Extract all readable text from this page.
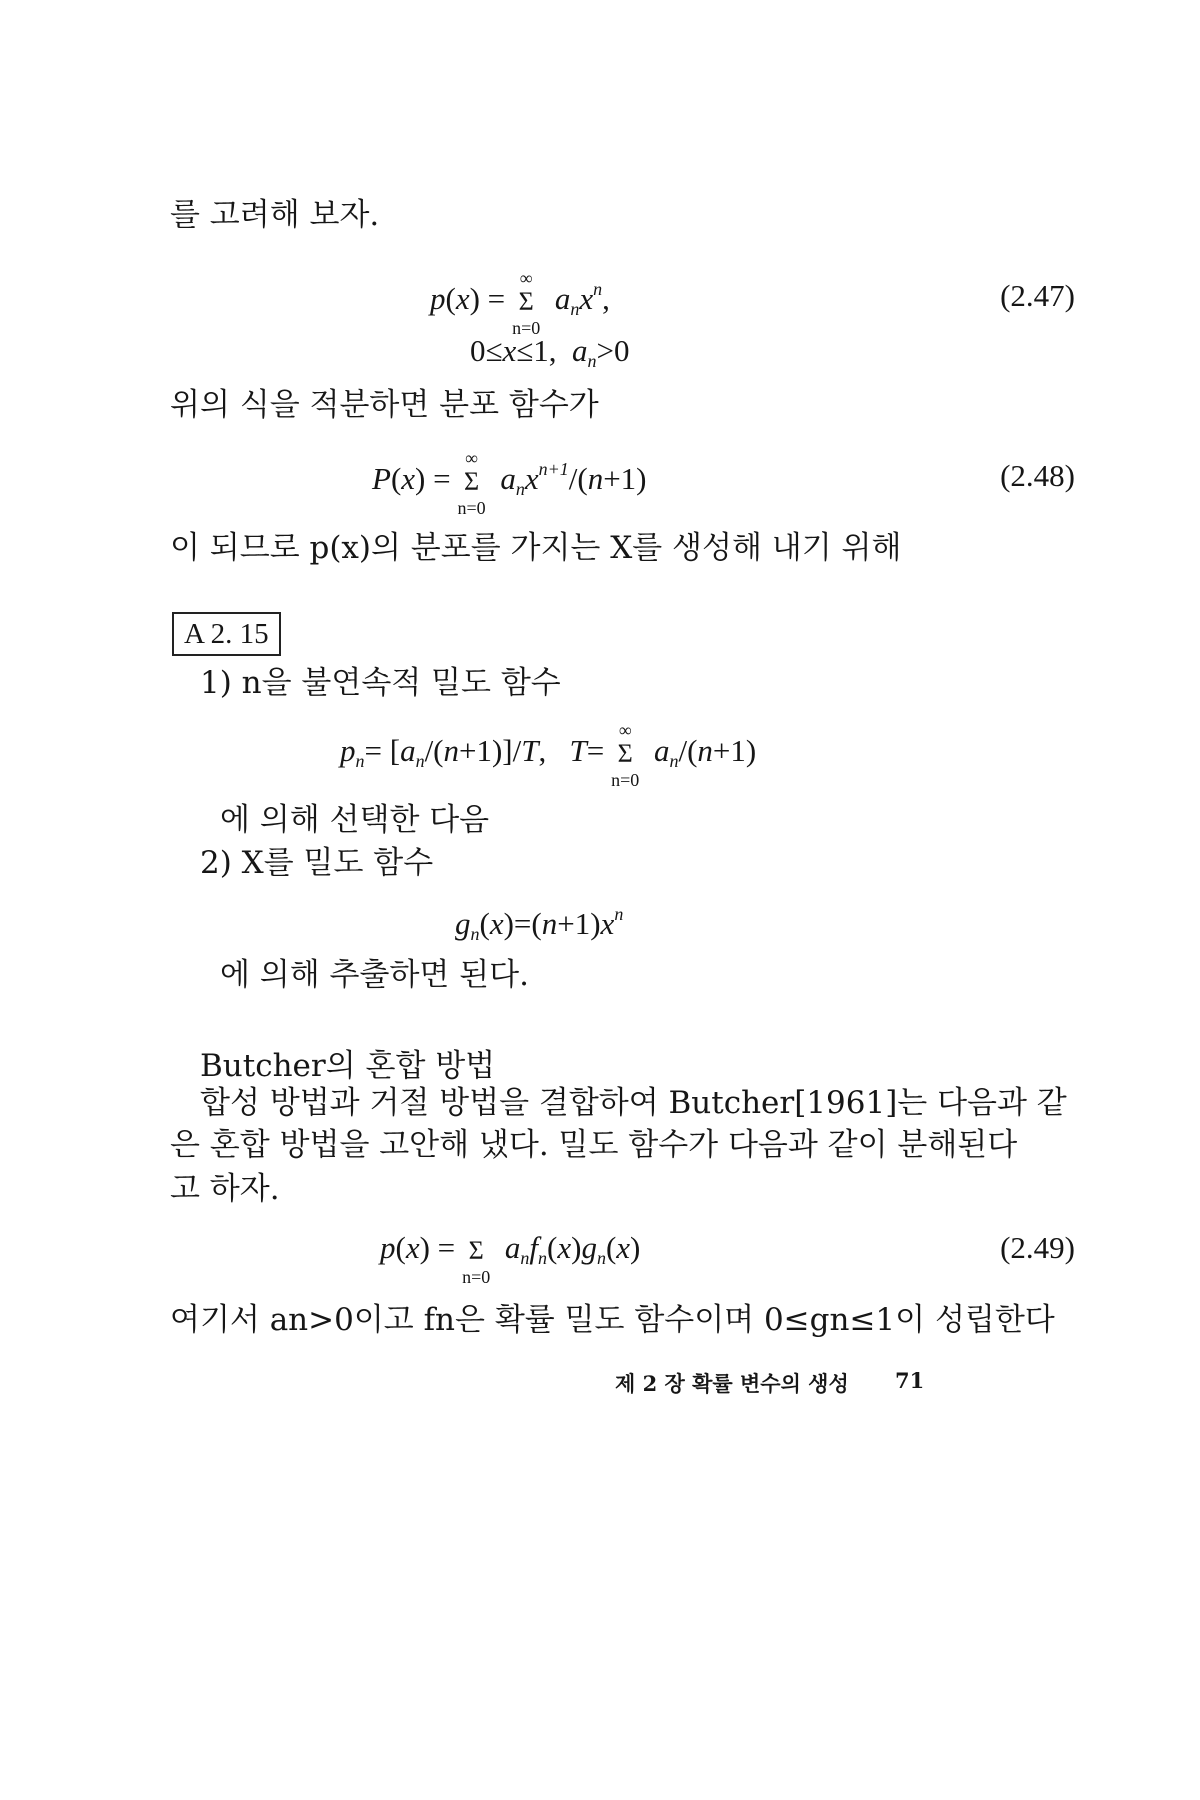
를 고려해 보자.
p(x) =
∞
Σ
n=0
anx$^n$,	(2.47)
0≤x≤1,  an>0
위의 식을 적분하면 분포 함수가
P(x) =
∞
Σ
n=0
anx$^{n+1}$/(n+1)	(2.48)
이 되므로 p(x)의 분포를 가지는 X를 생성해 내기 위해
A 2. 15
1) n을 불연속적 밀도 함수
pn= [an/(n+1)]/T,   T=
∞
Σ
n=0
an/(n+1)
에 의해 선택한 다음
2) X를 밀도 함수
$gn(x)=(n+1)x^n$
에 의해 추출하면 된다.
Butcher의 혼합 방법
합성 방법과 거절 방법을 결합하여 Butcher[1961]는 다음과 같
은 혼합 방법을 고안해 냈다. 밀도 함수가 다음과 같이 분해된다
고 하자.
p(x) = Σ
n=0
anfn(x)gn(x)	(2.49)
여기서 an>0이고 fn은 확률 밀도 함수이며 0≤gn≤1이 성립한다
제 2 장 확률 변수의 생성 71
